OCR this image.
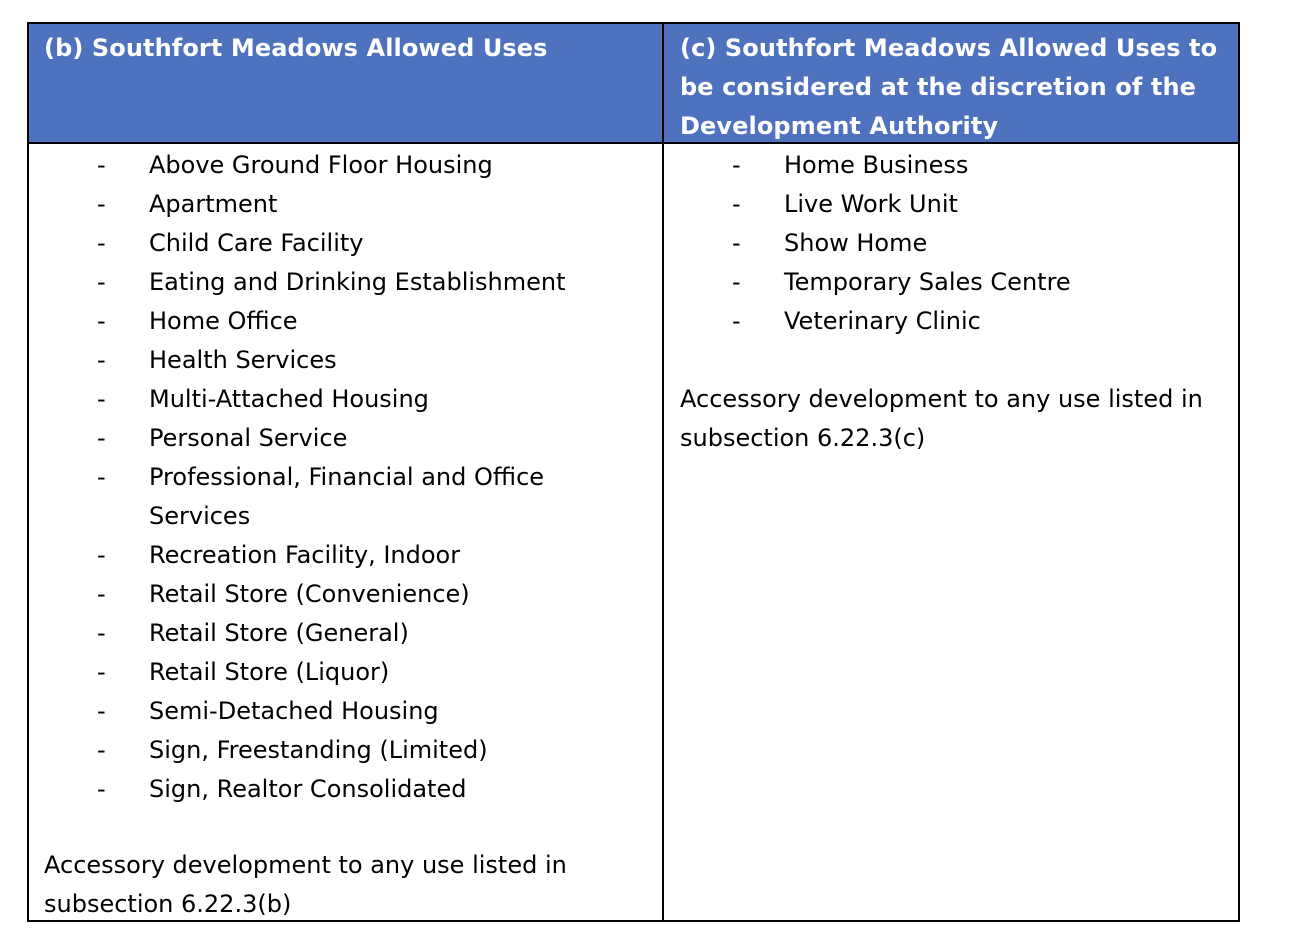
(b) Southfort Meadows Allowed Uses	(c) Southfort Meadows Allowed Uses to be considered at the discretion of the Development Authority

- Above Ground Floor Housing
- Apartment
- Child Care Facility
- Eating and Drinking Establishment
- Home Office
- Health Services
- Multi-Attached Housing
- Personal Service
- Professional, Financial and Office Services
- Recreation Facility, Indoor
- Retail Store (Convenience)
- Retail Store (General)
- Retail Store (Liquor)
- Semi-Detached Housing
- Sign, Freestanding (Limited)
- Sign, Realtor Consolidated

Accessory development to any use listed in subsection 6.22.3(b)

- Home Business
- Live Work Unit
- Show Home
- Temporary Sales Centre
- Veterinary Clinic

Accessory development to any use listed in subsection 6.22.3(c)
